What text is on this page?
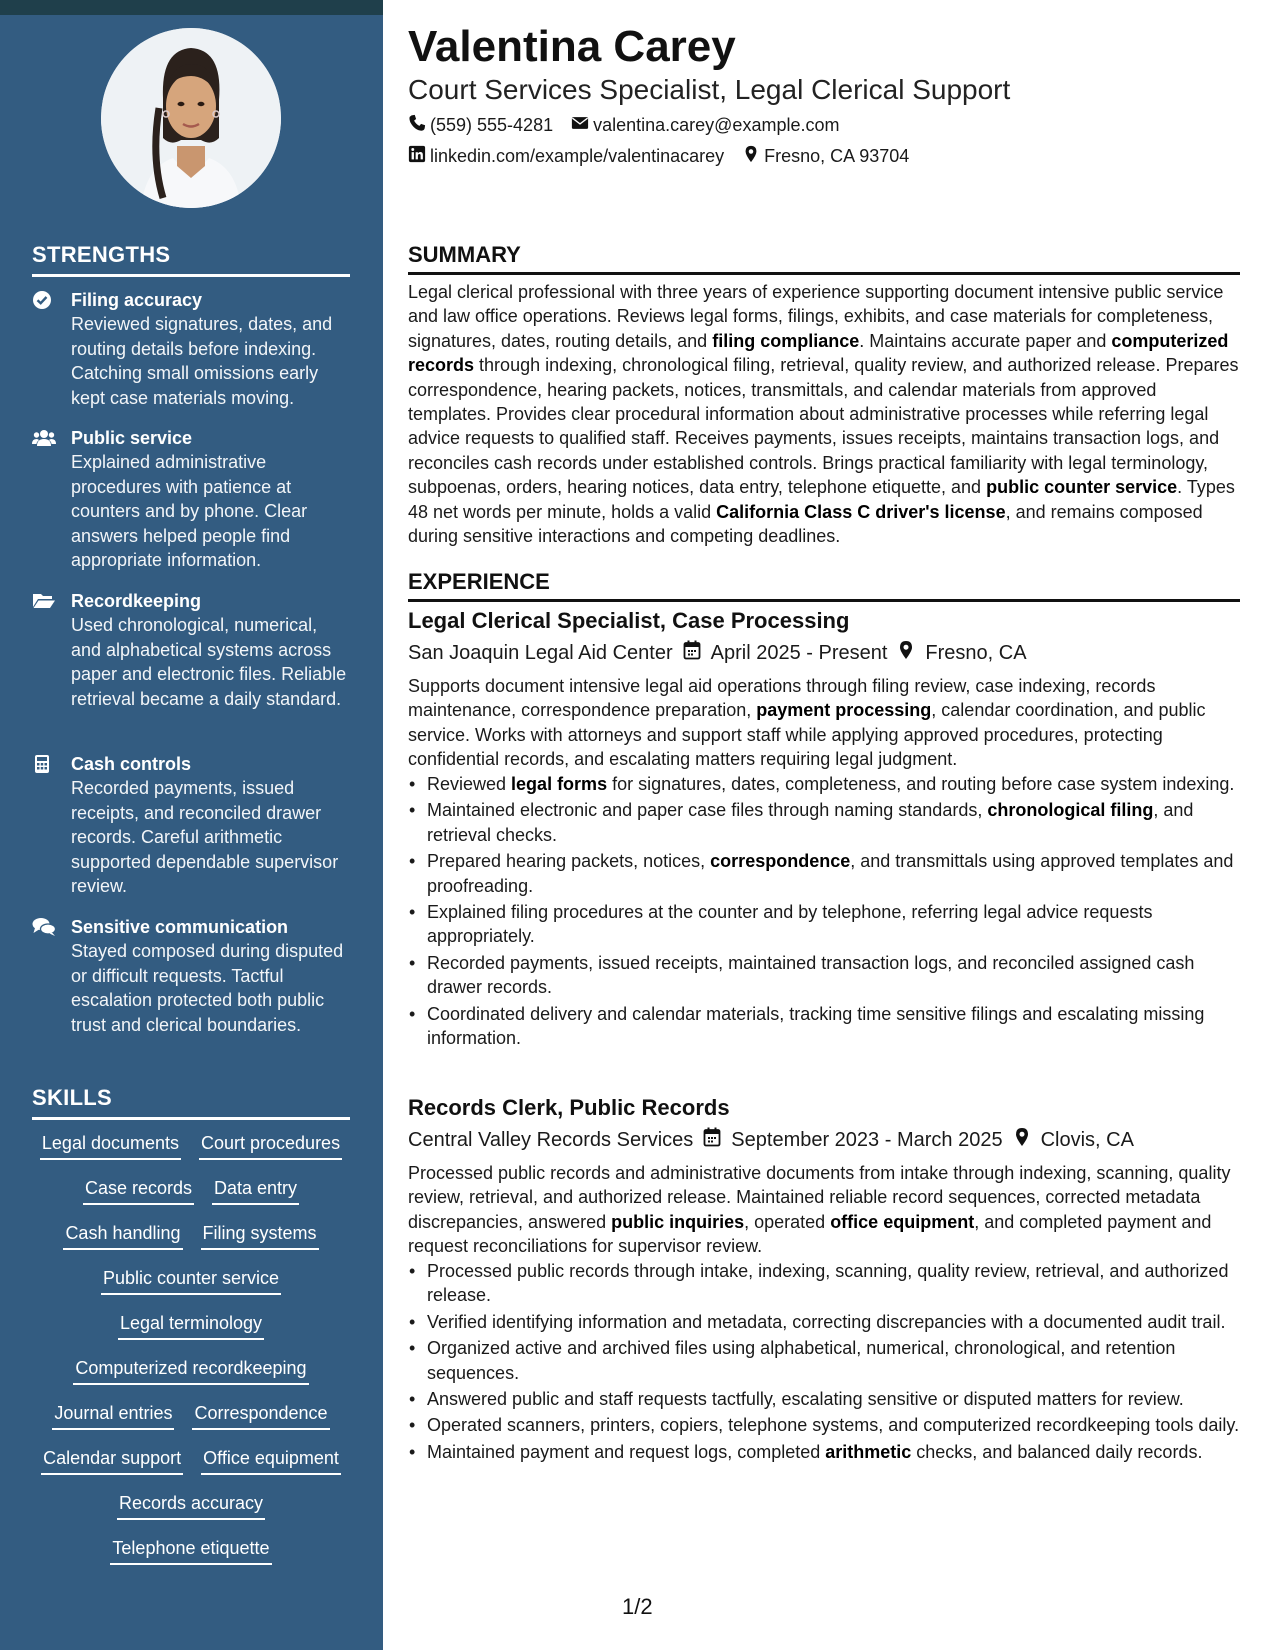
STRENGTHS
Filing accuracy
Reviewed signatures, dates, and routing details before indexing. Catching small omissions early kept case materials moving.
Public service
Explained administrative procedures with patience at counters and by phone. Clear answers helped people find appropriate information.
Recordkeeping
Used chronological, numerical, and alphabetical systems across paper and electronic files. Reliable retrieval became a daily standard.
Cash controls
Recorded payments, issued receipts, and reconciled drawer records. Careful arithmetic supported dependable supervisor review.
Sensitive communication
Stayed composed during disputed or difficult requests. Tactful escalation protected both public trust and clerical boundaries.
SKILLS
Legal documents Court procedures
Case records Data entry
Cash handling Filing systems
Public counter service
Legal terminology
Computerized recordkeeping
Journal entries Correspondence
Calendar support Office equipment
Records accuracy
Telephone etiquette
Valentina Carey
Court Services Specialist, Legal Clerical Support
(559) 555-4281 valentina.carey@example.com
linkedin.com/example/valentinacarey Fresno, CA 93704
SUMMARY
Legal clerical professional with three years of experience supporting document intensive public service and law office operations. Reviews legal forms, filings, exhibits, and case materials for completeness, signatures, dates, routing details, and filing compliance. Maintains accurate paper and computerized records through indexing, chronological filing, retrieval, quality review, and authorized release. Prepares correspondence, hearing packets, notices, transmittals, and calendar materials from approved templates. Provides clear procedural information about administrative processes while referring legal advice requests to qualified staff. Receives payments, issues receipts, maintains transaction logs, and reconciles cash records under established controls. Brings practical familiarity with legal terminology, subpoenas, orders, hearing notices, data entry, telephone etiquette, and public counter service. Types 48 net words per minute, holds a valid California Class C driver's license, and remains composed during sensitive interactions and competing deadlines.
EXPERIENCE
Legal Clerical Specialist, Case Processing
San Joaquin Legal Aid Center April 2025 - Present Fresno, CA
Supports document intensive legal aid operations through filing review, case indexing, records maintenance, correspondence preparation, payment processing, calendar coordination, and public service. Works with attorneys and support staff while applying approved procedures, protecting confidential records, and escalating matters requiring legal judgment.
• Reviewed legal forms for signatures, dates, completeness, and routing before case system indexing.
• Maintained electronic and paper case files through naming standards, chronological filing, and retrieval checks.
• Prepared hearing packets, notices, correspondence, and transmittals using approved templates and proofreading.
• Explained filing procedures at the counter and by telephone, referring legal advice requests appropriately.
• Recorded payments, issued receipts, maintained transaction logs, and reconciled assigned cash drawer records.
• Coordinated delivery and calendar materials, tracking time sensitive filings and escalating missing information.
Records Clerk, Public Records
Central Valley Records Services September 2023 - March 2025 Clovis, CA
Processed public records and administrative documents from intake through indexing, scanning, quality review, retrieval, and authorized release. Maintained reliable record sequences, corrected metadata discrepancies, answered public inquiries, operated office equipment, and completed payment and request reconciliations for supervisor review.
• Processed public records through intake, indexing, scanning, quality review, retrieval, and authorized release.
• Verified identifying information and metadata, correcting discrepancies with a documented audit trail.
• Organized active and archived files using alphabetical, numerical, chronological, and retention sequences.
• Answered public and staff requests tactfully, escalating sensitive or disputed matters for review.
• Operated scanners, printers, copiers, telephone systems, and computerized recordkeeping tools daily.
• Maintained payment and request logs, completed arithmetic checks, and balanced daily records.
1/2
